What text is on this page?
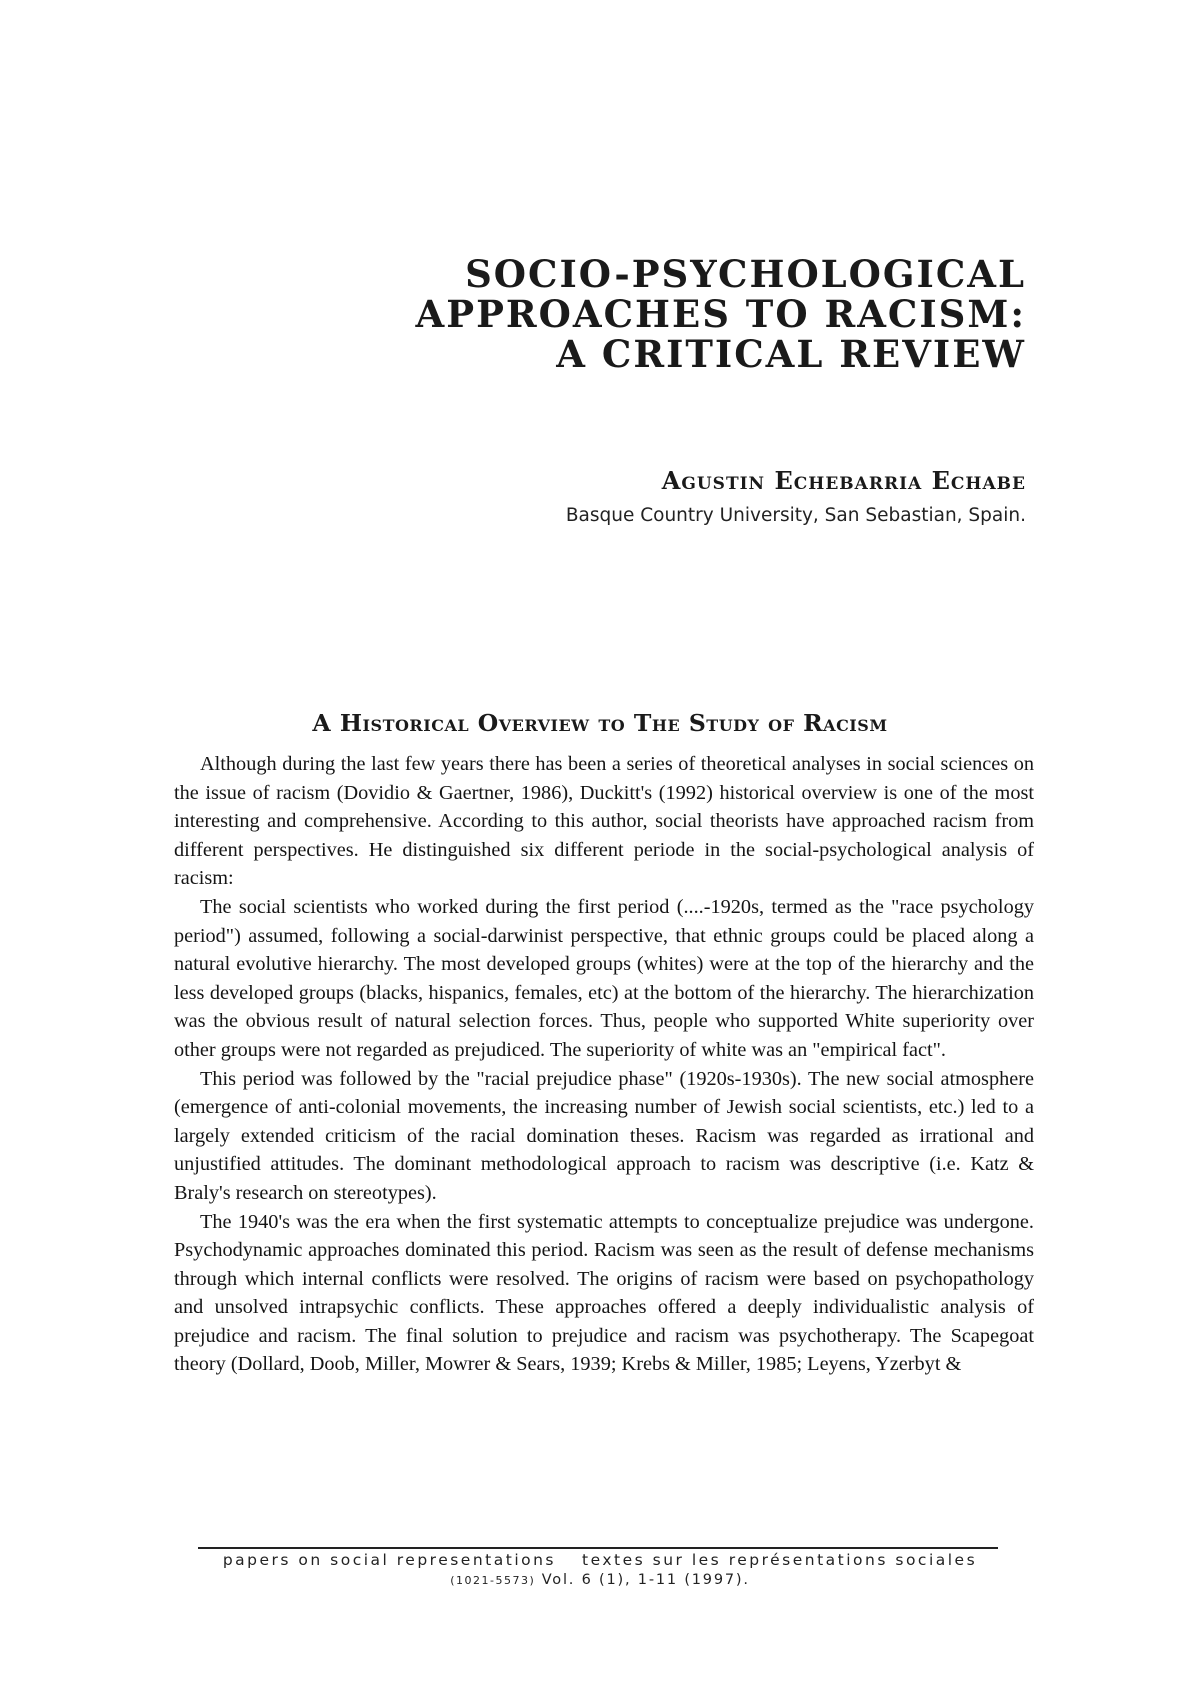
SOCIO-PSYCHOLOGICAL
APPROACHES TO RACISM:
A CRITICAL REVIEW
Agustin Echebarria Echabe
Basque Country University, San Sebastian, Spain.
A Historical Overview to The Study of Racism

Although during the last few years there has been a series of theoretical analyses in social sciences on the issue of racism (Dovidio & Gaertner, 1986), Duckitt's (1992) historical overview is one of the most interesting and comprehensive. According to this author, social theorists have approached racism from different perspectives. He distinguished six different periode in the social-psychological analysis of racism:

The social scientists who worked during the first period (....-1920s, termed as the "race psychology period") assumed, following a social-darwinist perspective, that ethnic groups could be placed along a natural evolutive hierarchy. The most developed groups (whites) were at the top of the hierarchy and the less developed groups (blacks, hispanics, females, etc) at the bottom of the hierarchy. The hierarchization was the obvious result of natural selection forces. Thus, people who supported White superiority over other groups were not regarded as prejudiced. The superiority of white was an "empirical fact".

This period was followed by the "racial prejudice phase" (1920s-1930s). The new social atmosphere (emergence of anti-colonial movements, the increasing number of Jewish social scientists, etc.) led to a largely extended criticism of the racial domination theses. Racism was regarded as irrational and unjustified attitudes. The dominant methodological approach to racism was descriptive (i.e. Katz & Braly's research on stereotypes).

The 1940's was the era when the first systematic attempts to conceptualize prejudice was undergone. Psychodynamic approaches dominated this period. Racism was seen as the result of defense mechanisms through which internal conflicts were resolved. The origins of racism were based on psychopathology and unsolved intrapsychic conflicts. These approaches offered a deeply individualistic analysis of prejudice and racism. The final solution to prejudice and racism was psychotherapy. The Scapegoat theory (Dollard, Doob, Miller, Mowrer & Sears, 1939; Krebs & Miller, 1985; Leyens, Yzerbyt &

papers on social representations textes sur les représentations sociales
(1021-5573) Vol. 6 (1), 1-11 (1997).
